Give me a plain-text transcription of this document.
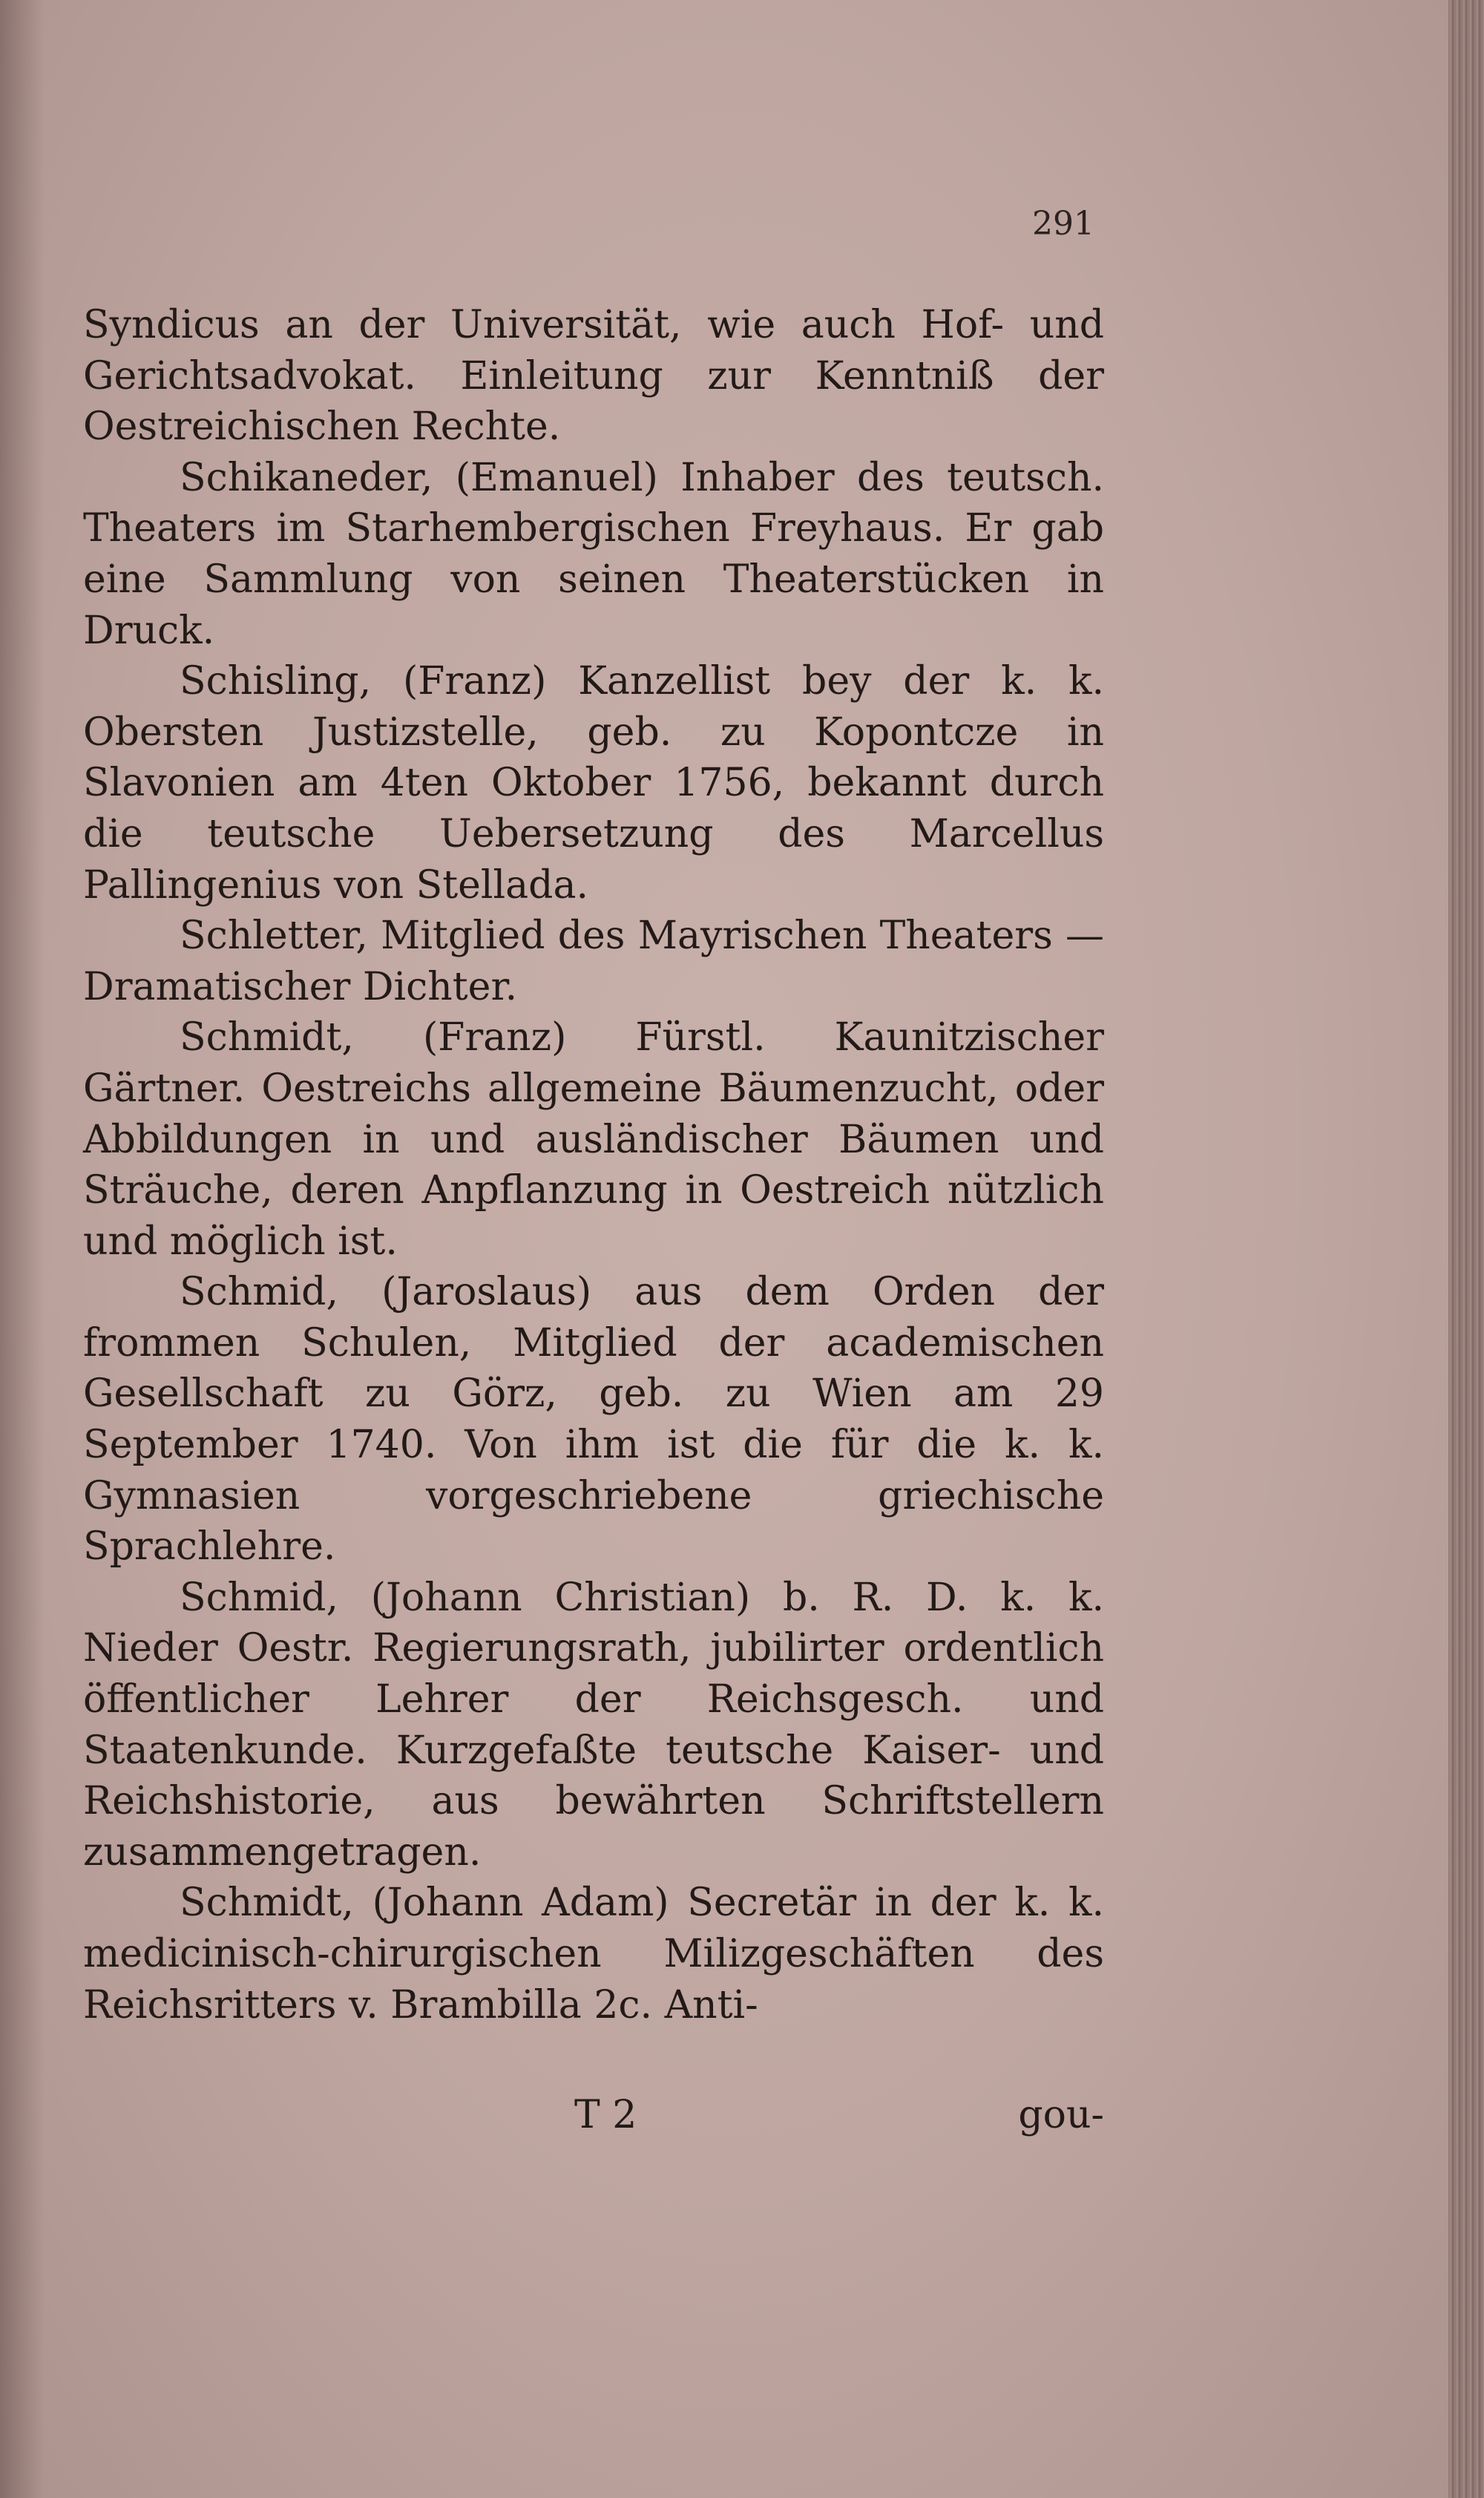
291

Syndicus an der Universität, wie auch Hof- und Gerichtsadvokat. Einleitung zur Kenntniß der Oestreichischen Rechte.

Schikaneder, (Emanuel) Inhaber des teutsch. Theaters im Starhembergischen Freyhaus. Er gab eine Sammlung von seinen Theaterstücken in Druck.

Schisling, (Franz) Kanzellist bey der k. k. Obersten Justizstelle, geb. zu Kopontcze in Slavonien am 4ten Oktober 1756, bekannt durch die teutsche Uebersetzung des Marcellus Pallingenius von Stellada.

Schletter, Mitglied des Mayrischen Theaters — Dramatischer Dichter.

Schmidt, (Franz) Fürstl. Kaunitzischer Gärtner. Oestreichs allgemeine Bäumenzucht, oder Abbildungen in und ausländischer Bäumen und Sträuche, deren Anpflanzung in Oestreich nützlich und möglich ist.

Schmid, (Jaroslaus) aus dem Orden der frommen Schulen, Mitglied der academischen Gesellschaft zu Görz, geb. zu Wien am 29 September 1740. Von ihm ist die für die k. k. Gymnasien vorgeschriebene griechische Sprachlehre.

Schmid, (Johann Christian) b. R. D. k. k. Nieder Oestr. Regierungsrath, jubilirter ordentlich öffentlicher Lehrer der Reichsgesch. und Staatenkunde. Kurzgefaßte teutsche Kaiser- und Reichshistorie, aus bewährten Schriftstellern zusammengetragen.

Schmidt, (Johann Adam) Secretär in der k. k. medicinisch-chirurgischen Milizgeschäften des Reichsritters v. Brambilla 2c. Anti-

T 2	gou-
